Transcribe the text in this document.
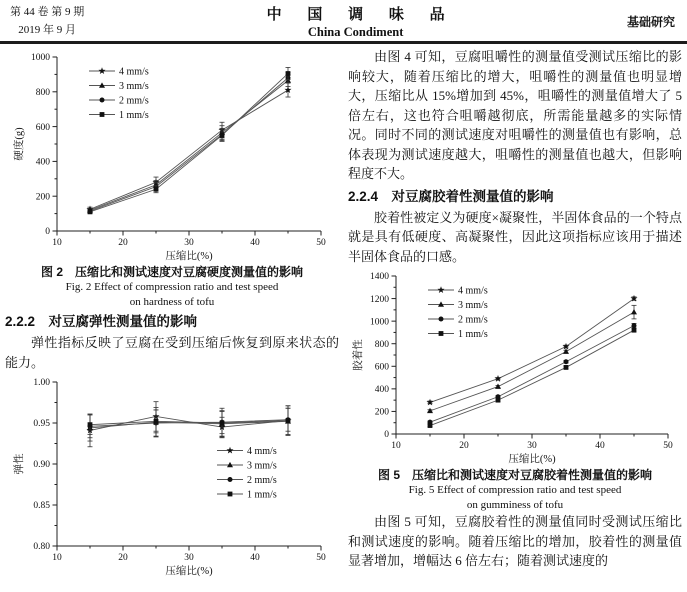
第 44 卷 第 9 期
2019 年 9 月
中 国 调 味 品
China Condiment
基础研究
0
200
400
600
800
1000
10	20	30	40	50
压缩比(%)
硬度(g)
4 mm/s
3 mm/s
2 mm/s
1 mm/s
图 2　压缩比和测试速度对豆腐硬度测量值的影响
Fig. 2 Effect of compression ratio and test speed
on hardness of tofu
2.2.2　对豆腐弹性测量值的影响

弹性指标反映了豆腐在受到压缩后恢复到原来状态的能力。

0.80
0.85
0.90
0.95
1.00
10	20	30	40	50
压缩比(%)
弹性
4 mm/s
3 mm/s
2 mm/s
1 mm/s

由图 4 可知，豆腐咀嚼性的测量值受测试压缩比的影响较大，随着压缩比的增大，咀嚼性的测量值也明显增大，压缩比从 15%增加到 45%，咀嚼性的测量值增大了 5 倍左右，这也符合咀嚼越彻底，所需能量越多的实际情况。同时不同的测试速度对咀嚼性的测量值也有影响，总体表现为测试速度越大，咀嚼性的测量值也越大，但影响程度不大。

2.2.4　对豆腐胶着性测量值的影响

胶着性被定义为硬度×凝聚性，半固体食品的一个特点就是具有低硬度、高凝聚性，因此这项指标应该用于描述半固体食品的口感。

0
200
400
600
800
1000
1200
1400
10	20	30	40	50
压缩比(%)
胶着性
4 mm/s
3 mm/s
2 mm/s
1 mm/s
图 5　压缩比和测试速度对豆腐胶着性测量值的影响
Fig. 5 Effect of compression ratio and test speed
on gumminess of tofu

由图 5 可知，豆腐胶着性的测量值同时受测试压缩比和测试速度的影响。随着压缩比的增加，胶着性的测量值显著增加，增幅达 6 倍左右；随着测试速度的
